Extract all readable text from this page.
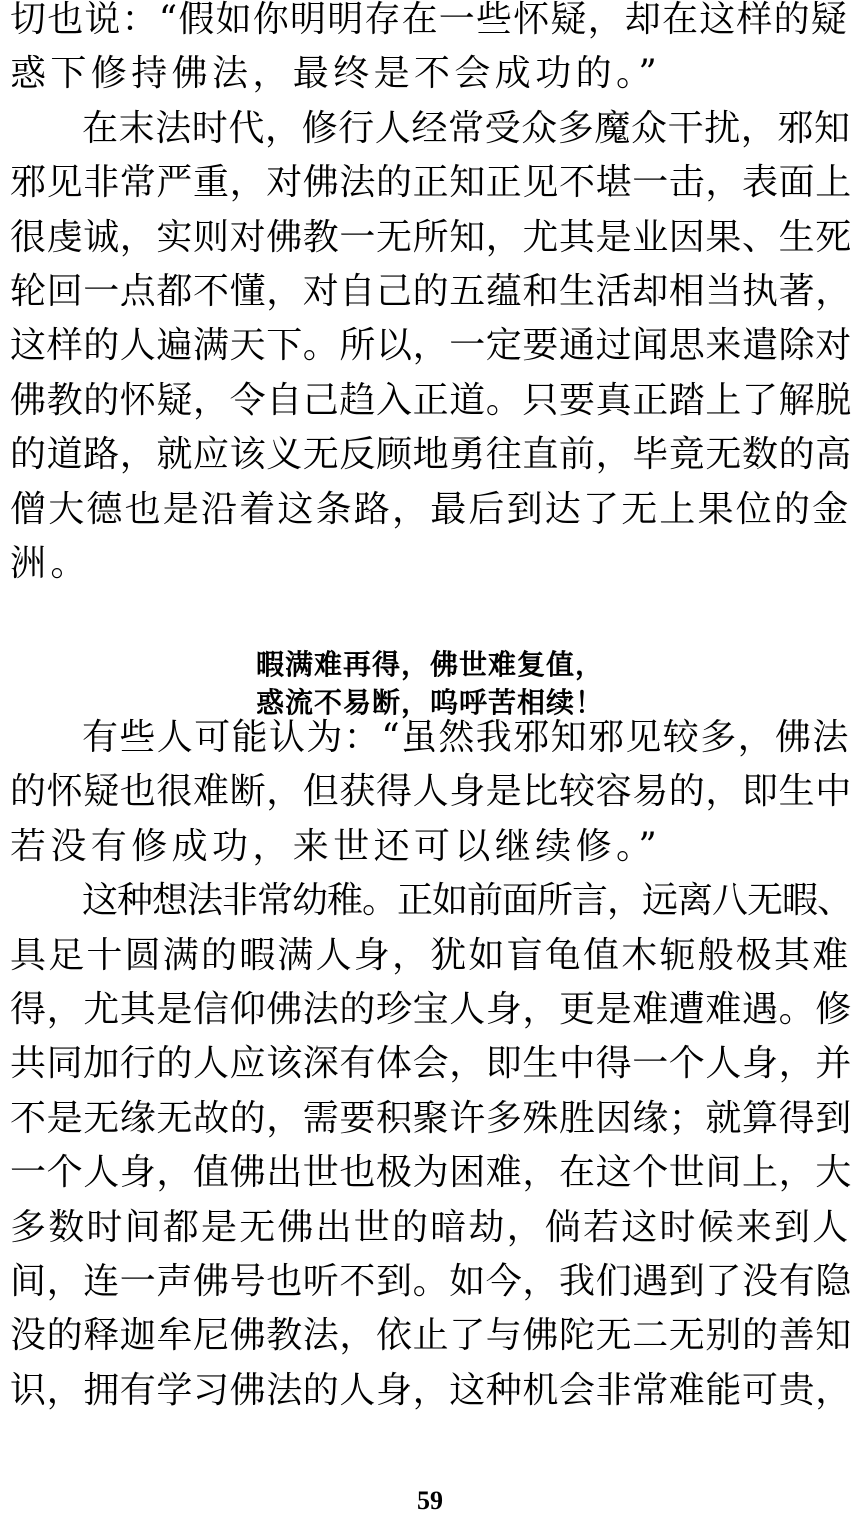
切也说：“假如你明明存在一些怀疑，却在这样的疑
惑下修持佛法，最终是不会成功的。”
在末法时代，修行人经常受众多魔众干扰，邪知
邪见非常严重，对佛法的正知正见不堪一击，表面上
很虔诚，实则对佛教一无所知，尤其是业因果、生死
轮回一点都不懂，对自己的五蕴和生活却相当执著，
这样的人遍满天下。所以，一定要通过闻思来遣除对
佛教的怀疑，令自己趋入正道。只要真正踏上了解脱
的道路，就应该义无反顾地勇往直前，毕竟无数的高
僧大德也是沿着这条路，最后到达了无上果位的金
洲。
暇满难再得，佛世难复值，
惑流不易断，呜呼苦相续！
有些人可能认为：“虽然我邪知邪见较多，佛法
的怀疑也很难断，但获得人身是比较容易的，即生中
若没有修成功，来世还可以继续修。”
这种想法非常幼稚。正如前面所言，远离八无暇、
具足十圆满的暇满人身，犹如盲龟值木轭般极其难
得，尤其是信仰佛法的珍宝人身，更是难遭难遇。修
共同加行的人应该深有体会，即生中得一个人身，并
不是无缘无故的，需要积聚许多殊胜因缘；就算得到
一个人身，值佛出世也极为困难，在这个世间上，大
多数时间都是无佛出世的暗劫，倘若这时候来到人
间，连一声佛号也听不到。如今，我们遇到了没有隐
没的释迦牟尼佛教法，依止了与佛陀无二无别的善知
识，拥有学习佛法的人身，这种机会非常难能可贵，
59
